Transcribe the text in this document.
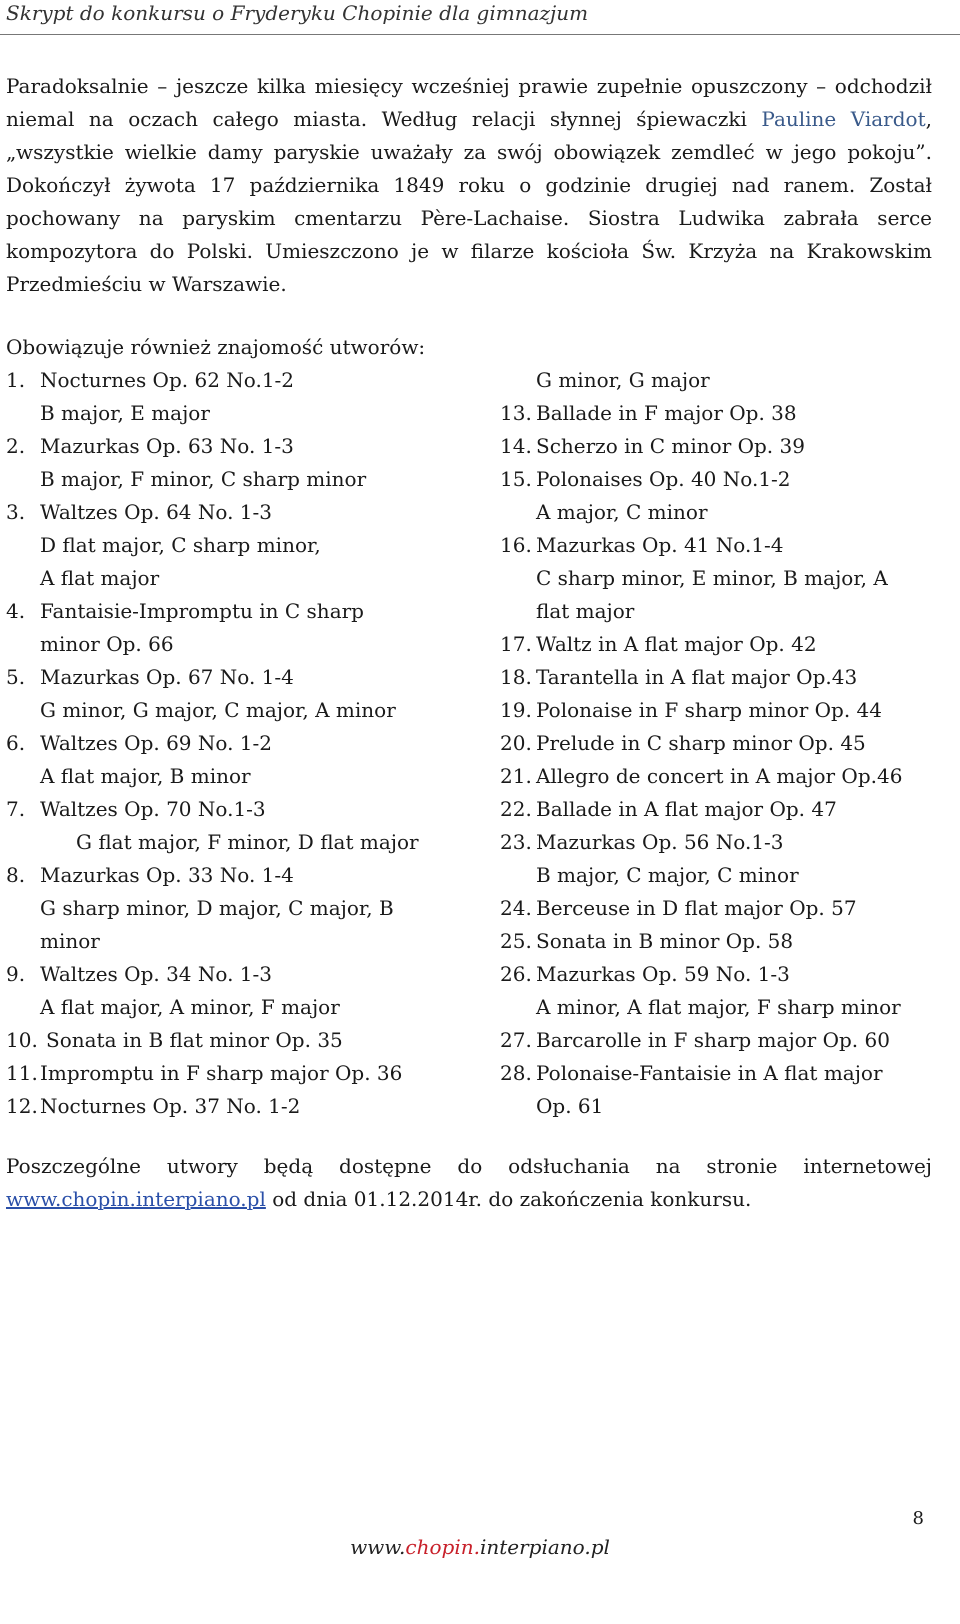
Skrypt do konkursu o Fryderyku Chopinie dla gimnazjum

Paradoksalnie – jeszcze kilka miesięcy wcześniej prawie zupełnie opuszczony – odchodził niemal na oczach całego miasta. Według relacji słynnej śpiewaczki Pauline Viardot, „wszystkie wielkie damy paryskie uważały za swój obowiązek zemdleć w jego pokoju”. Dokończył żywota 17 października 1849 roku o godzinie drugiej nad ranem. Został pochowany na paryskim cmentarzu Père-Lachaise. Siostra Ludwika zabrała serce kompozytora do Polski. Umieszczono je w filarze kościoła Św. Krzyża na Krakowskim Przedmieściu w Warszawie.

Obowiązuje również znajomość utworów:
1. Nocturnes Op. 62 No.1-2
B major, E major
2. Mazurkas Op. 63 No. 1-3
B major, F minor, C sharp minor
3. Waltzes Op. 64 No. 1-3
D flat major, C sharp minor,
A flat major
4. Fantaisie-Impromptu in C sharp
minor Op. 66
5. Mazurkas Op. 67 No. 1-4
G minor, G major, C major, A minor
6. Waltzes Op. 69 No. 1-2
A flat major, B minor
7. Waltzes Op. 70 No.1-3
G flat major, F minor, D flat major
8. Mazurkas Op. 33 No. 1-4
G sharp minor, D major, C major, B
minor
9. Waltzes Op. 34 No. 1-3
A flat major, A minor, F major
10. Sonata in B flat minor Op. 35
11. Impromptu in F sharp major Op. 36
12. Nocturnes Op. 37 No. 1-2
G minor, G major
13. Ballade in F major Op. 38
14. Scherzo in C minor Op. 39
15. Polonaises Op. 40 No.1-2
A major, C minor
16. Mazurkas Op. 41 No.1-4
C sharp minor, E minor, B major, A
flat major
17. Waltz in A flat major Op. 42
18. Tarantella in A flat major Op.43
19. Polonaise in F sharp minor Op. 44
20. Prelude in C sharp minor Op. 45
21. Allegro de concert in A major Op.46
22. Ballade in A flat major Op. 47
23. Mazurkas Op. 56 No.1-3
B major, C major, C minor
24. Berceuse in D flat major Op. 57
25. Sonata in B minor Op. 58
26. Mazurkas Op. 59 No. 1-3
A minor, A flat major, F sharp minor
27. Barcarolle in F sharp major Op. 60
28. Polonaise-Fantaisie in A flat major
Op. 61

Poszczególne utwory będą dostępne do odsłuchania na stronie internetowej www.chopin.interpiano.pl od dnia 01.12.2014r. do zakończenia konkursu.

8
www.chopin.interpiano.pl
